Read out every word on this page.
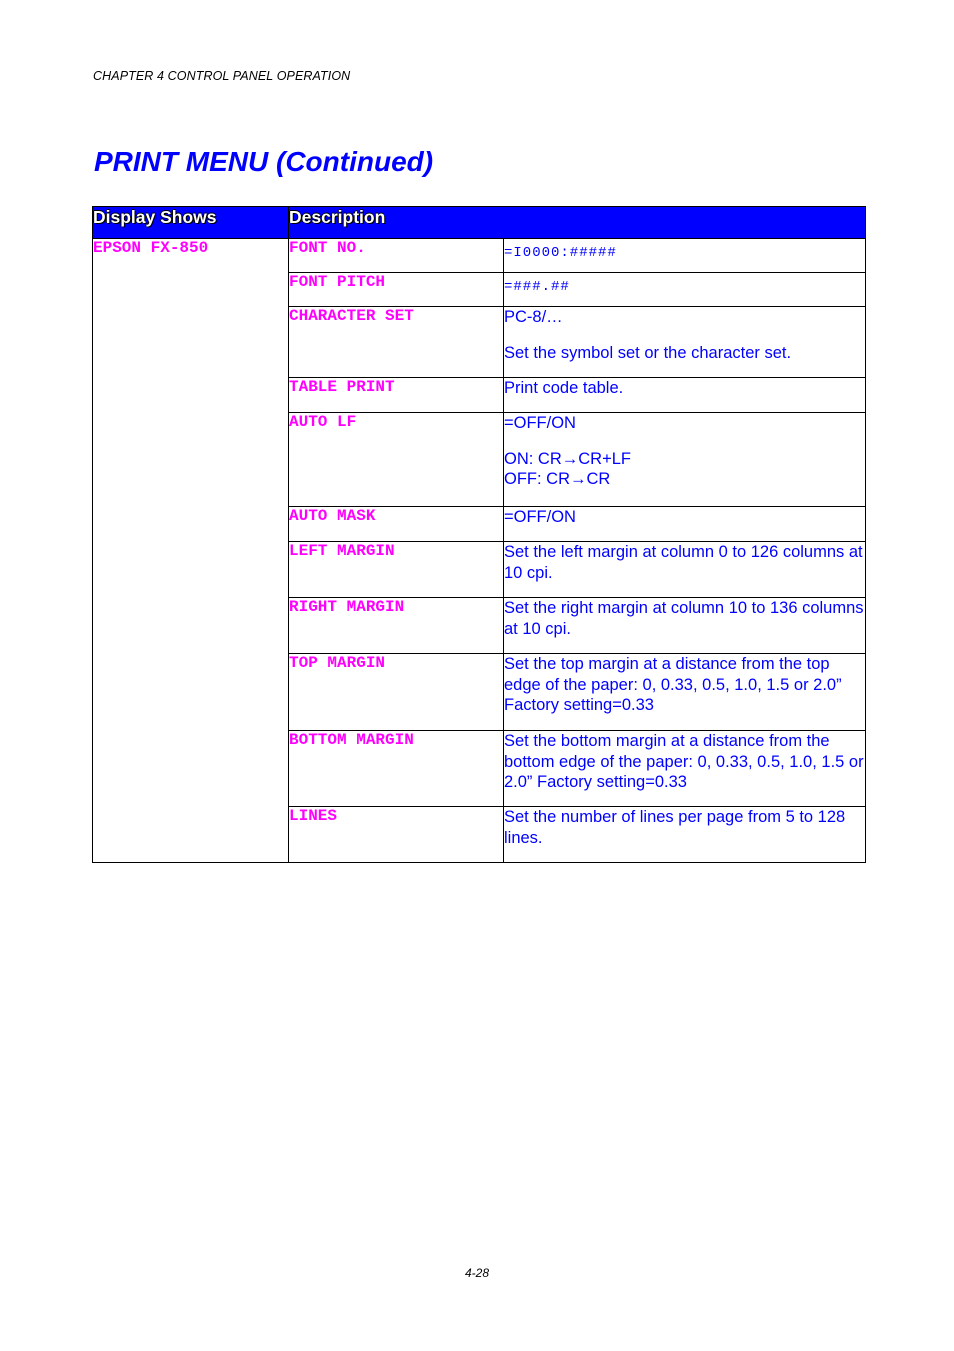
CHAPTER 4 CONTROL PANEL OPERATION
PRINT MENU (Continued)
Display Shows	Description	
EPSON FX-850	FONT NO.	=I0000:#####

	FONT PITCH	=###.##

	CHARACTER SET	PC-8/…

Set the symbol set or the character set.

	TABLE PRINT	Print code table.

	AUTO LF	=OFF/ON

ON: CR→CR+LF
OFF: CR→CR

	AUTO MASK	=OFF/ON

	LEFT MARGIN	Set the left margin at column 0 to 126 columns at 10 cpi.

	RIGHT MARGIN	Set the right margin at column 10 to 136 columns at 10 cpi.

	TOP MARGIN	Set the top margin at a distance from the top edge of the paper: 0, 0.33, 0.5, 1.0, 1.5 or 2.0” Factory setting=0.33

	BOTTOM MARGIN	Set the bottom margin at a distance from the bottom edge of the paper: 0, 0.33, 0.5, 1.0, 1.5 or 2.0” Factory setting=0.33

	LINES	Set the number of lines per page from 5 to 128 lines.

4-28
